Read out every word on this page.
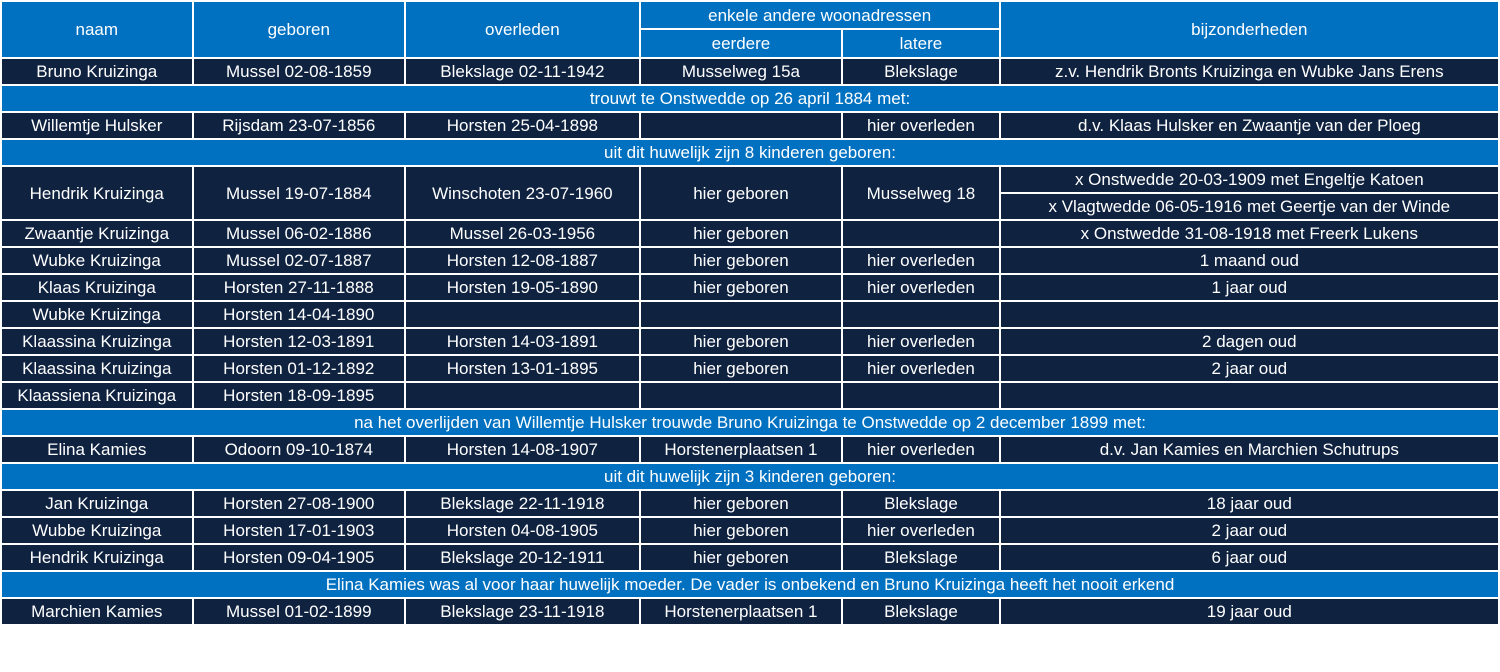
naam	geboren	overleden	enkele andere woonadressen		bijzonderheden
			eerdere	latere	
Bruno Kruizinga	Mussel 02-08-1859	Blekslage 02-11-1942	Musselweg 15a	Blekslage	z.v. Hendrik Bronts Kruizinga en Wubke Jans Erens
trouwt te Onstwedde op 26 april 1884 met:					
Willemtje Hulsker	Rijsdam 23-07-1856	Horsten 25-04-1898		hier overleden	d.v. Klaas Hulsker en Zwaantje van der Ploeg
uit dit huwelijk zijn 8 kinderen geboren:					
Hendrik Kruizinga	Mussel 19-07-1884	Winschoten 23-07-1960	hier geboren	Musselweg 18	x Onstwedde 20-03-1909 met Engeltje Katoen
					x Vlagtwedde 06-05-1916 met Geertje van der Winde
Zwaantje Kruizinga	Mussel 06-02-1886	Mussel 26-03-1956	hier geboren		x Onstwedde 31-08-1918 met Freerk Lukens
Wubke Kruizinga	Mussel 02-07-1887	Horsten 12-08-1887	hier geboren	hier overleden	1 maand oud
Klaas Kruizinga	Horsten 27-11-1888	Horsten 19-05-1890	hier geboren	hier overleden	1 jaar oud
Wubke Kruizinga	Horsten 14-04-1890				
Klaassina Kruizinga	Horsten 12-03-1891	Horsten 14-03-1891	hier geboren	hier overleden	2 dagen oud
Klaassina Kruizinga	Horsten 01-12-1892	Horsten 13-01-1895	hier geboren	hier overleden	2 jaar oud
Klaassiena Kruizinga	Horsten 18-09-1895				
na het overlijden van Willemtje Hulsker trouwde Bruno Kruizinga te Onstwedde op 2 december 1899 met:					
Elina Kamies	Odoorn 09-10-1874	Horsten 14-08-1907	Horstenerplaatsen 1	hier overleden	d.v. Jan Kamies en Marchien Schutrups
uit dit huwelijk zijn 3 kinderen geboren:					
Jan Kruizinga	Horsten 27-08-1900	Blekslage 22-11-1918	hier geboren	Blekslage	18 jaar oud
Wubbe Kruizinga	Horsten 17-01-1903	Horsten 04-08-1905	hier geboren	hier overleden	2 jaar oud
Hendrik Kruizinga	Horsten 09-04-1905	Blekslage 20-12-1911	hier geboren	Blekslage	6 jaar oud
Elina Kamies was al voor haar huwelijk moeder. De vader is onbekend en Bruno Kruizinga heeft het nooit erkend					
Marchien Kamies	Mussel 01-02-1899	Blekslage 23-11-1918	Horstenerplaatsen 1	Blekslage	19 jaar oud
